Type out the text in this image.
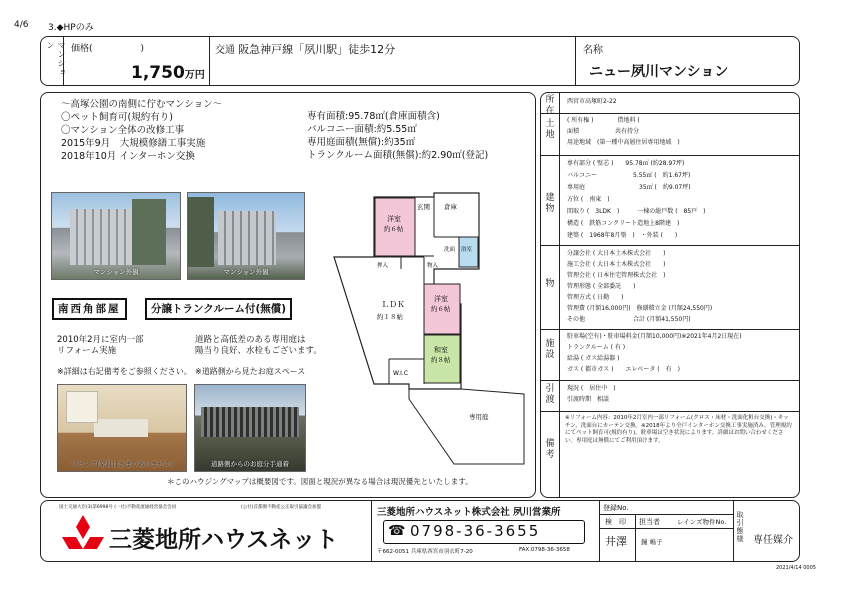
4/6 3.◆HPのみ
マンション	価格(	)
1,750万円
交通 阪急神戸線「夙川駅」徒歩12分	名称
ニュー夙川マンション
～高塚公園の南側に佇むマンション～
〇ペット飼育可(規約有り)
〇マンション全体の改修工事
2015年9月　大規模修繕工事実施
2018年10月 インターホン交換
専有面積:95.78㎡(倉庫面積含)
バルコニー面積:約5.55㎡
専用庭面積(無償):約35㎡
トランクルーム面積(無償):約2.90㎡(登記)
マンション外観	マンション外観
南西角部屋	分譲トランクルーム付(無償)
2010年2月に室内一部
リフォーム実施
道路と高低差のある専用庭は
陽当り良好、水栓もございます。
※詳細は右記備考をご参照ください。 ※道路側から見たお庭スペース
リビング(家具はきまりありません)	道路側からのお庭分手通着
＊このハウジングマップは概要図です。図面と現況が異なる場合は現況優先といたします。
洋室
約６帖
玄関 倉庫
浴室
洗面
押入	物入
ＬＤＫ
約１８帖
洋室
約６帖
和室
約８帖
W.I.C
専用庭
所在
西宮市高塚町2-22
土地
( 所有権 )　　　　借地料 (
面積　　　　　　共有持分
用途地域　(第一種中高層住居専用地域　)
建物
専有部分 ( 壁芯 )　　95.78㎡ (約28.97坪)
バルコニー　　　　　　5.55㎡ (　約1.67坪)
専用庭　　　　　　　　　35㎡ (　約9.07坪)
方位 (　南東　)
間取り (　3LDK　)　　　一棟の総戸数 (　85戸　)
構造 (　鉄筋コンクリート造地上8階建　)
建築 (　1968年8月築　)　・外装 (　　)
物
分譲会社 ( 大日本土木株式会社　　)
施工会社 ( 大日本土木株式会社　　)
管理会社 ( 日本住宅管理株式会社　)
管理形態 ( 全部委託　　)
管理方式 ( 日勤　　)
管理費 (月額16,000円)　修繕積立金 (月額24,550円)
その他　　　　　　　　合計 (月額41,550円)
施設
駐車場(空有)・駐車場料金(月額10,000円)※2021年4月2日現在)
トランクルーム ( 有 )
給湯 ( ガス給湯器 )
ガス ( 都市ガス )　　エレベータ (　有　)
引渡
現況 (　居住中　)
引渡時期　相談
備考
※リフォーム内容：2010年2月室内一部リフォーム(クロス・床材・洗面化粧台交換)・キッチン、洗面台にカーテン交換。※2018年より全戸インターホン交換工事実施済み。管理規約にてペット飼育可(規約有り)。駐車場は空き状況によります。詳細はお問い合わせください。専用庭は無償にてご利用頂けます。
国土交通大臣(3)第6998号 (一社)不動産流通経営協会会員	(公社)首都圏不動産公正取引協議会加盟
三菱地所ハウスネット
三菱地所ハウスネット株式会社 夙川営業所
☎ 0798-36-3655
〒662-0051 兵庫県西宮市羽衣町7-20	FAX.0798-36-3658
登録No.
検　印 担当者	レインズ物件No.
井澤 鐘 嶋子	取引態様 専任媒介
2021/4/14 0005
